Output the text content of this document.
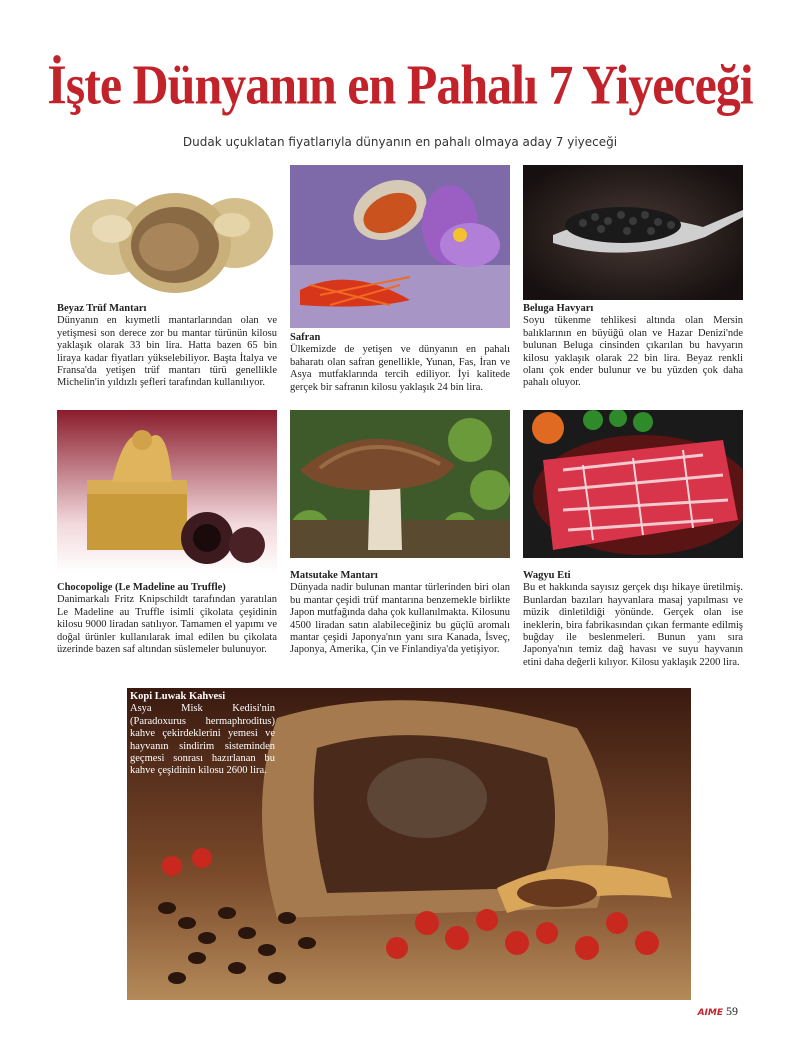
İşte Dünyanın en Pahalı 7 Yiyeceği
Dudak uçuklatan fiyatlarıyla dünyanın en pahalı olmaya aday 7 yiyeceği
Beyaz Trüf Mantarı
Dünyanın en kıymetli mantarlarından olan ve yetişmesi son derece zor bu mantar türünün kilosu yaklaşık olarak 33 bin lira. Hatta bazen 65 bin liraya kadar fiyatları yükselebiliyor. Başta İtalya ve Fransa'da yetişen trüf mantarı türü genellikle Michelin'in yıldızlı şefleri tarafından kullanılıyor.
Safran
Ülkemizde de yetişen ve dünyanın en pahalı baharatı olan safran genellikle, Yunan, Fas, İran ve Asya mutfaklarında tercih ediliyor. İyi kalitede gerçek bir safranın kilosu yaklaşık 24 bin lira.
Beluga Havyarı
Soyu tükenme tehlikesi altında olan Mersin balıklarının en büyüğü olan ve Hazar Denizi'nde bulunan Beluga cinsinden çıkarılan bu havyarın kilosu yaklaşık olarak 22 bin lira. Beyaz renkli olanı çok ender bulunur ve bu yüzden çok daha pahalı oluyor.
Chocopolige (Le Madeline au Truffle)
Danimarkalı Fritz Knipschildt tarafından yaratılan Le Madeline au Truffle isimli çikolata çeşidinin kilosu 9000 liradan satılıyor. Tamamen el yapımı ve doğal ürünler kullanılarak imal edilen bu çikolata üzerinde bazen saf altından süslemeler bulunuyor.
Matsutake Mantarı
Dünyada nadir bulunan mantar türlerinden biri olan bu mantar çeşidi trüf mantarına benzemekle birlikte Japon mutfağında daha çok kullanılmakta. Kilosunu 4500 liradan satın alabileceğiniz bu güçlü aromalı mantar çeşidi Japonya'nın yanı sıra Kanada, İsveç, Japonya, Amerika, Çin ve Finlandiya'da yetişiyor.
Wagyu Eti
Bu et hakkında sayısız gerçek dışı hikaye üretilmiş. Bunlardan bazıları hayvanlara masaj yapılması ve müzik dinletildiği yönünde. Gerçek olan ise ineklerin, bira fabrikasından çıkan fermante edilmiş buğday ile beslenmeleri. Bunun yanı sıra Japonya'nın temiz dağ havası ve suyu hayvanın etini daha değerli kılıyor. Kilosu yaklaşık 2200 lira.
Kopi Luwak Kahvesi
Asya Misk Kedisi'nin (Paradoxurus hermaphroditus) kahve çekirdeklerini yemesi ve hayvanın sindirim sisteminden geçmesi sonrası hazırlanan bu kahve çeşidinin kilosu 2600 lira.
AIME 59
